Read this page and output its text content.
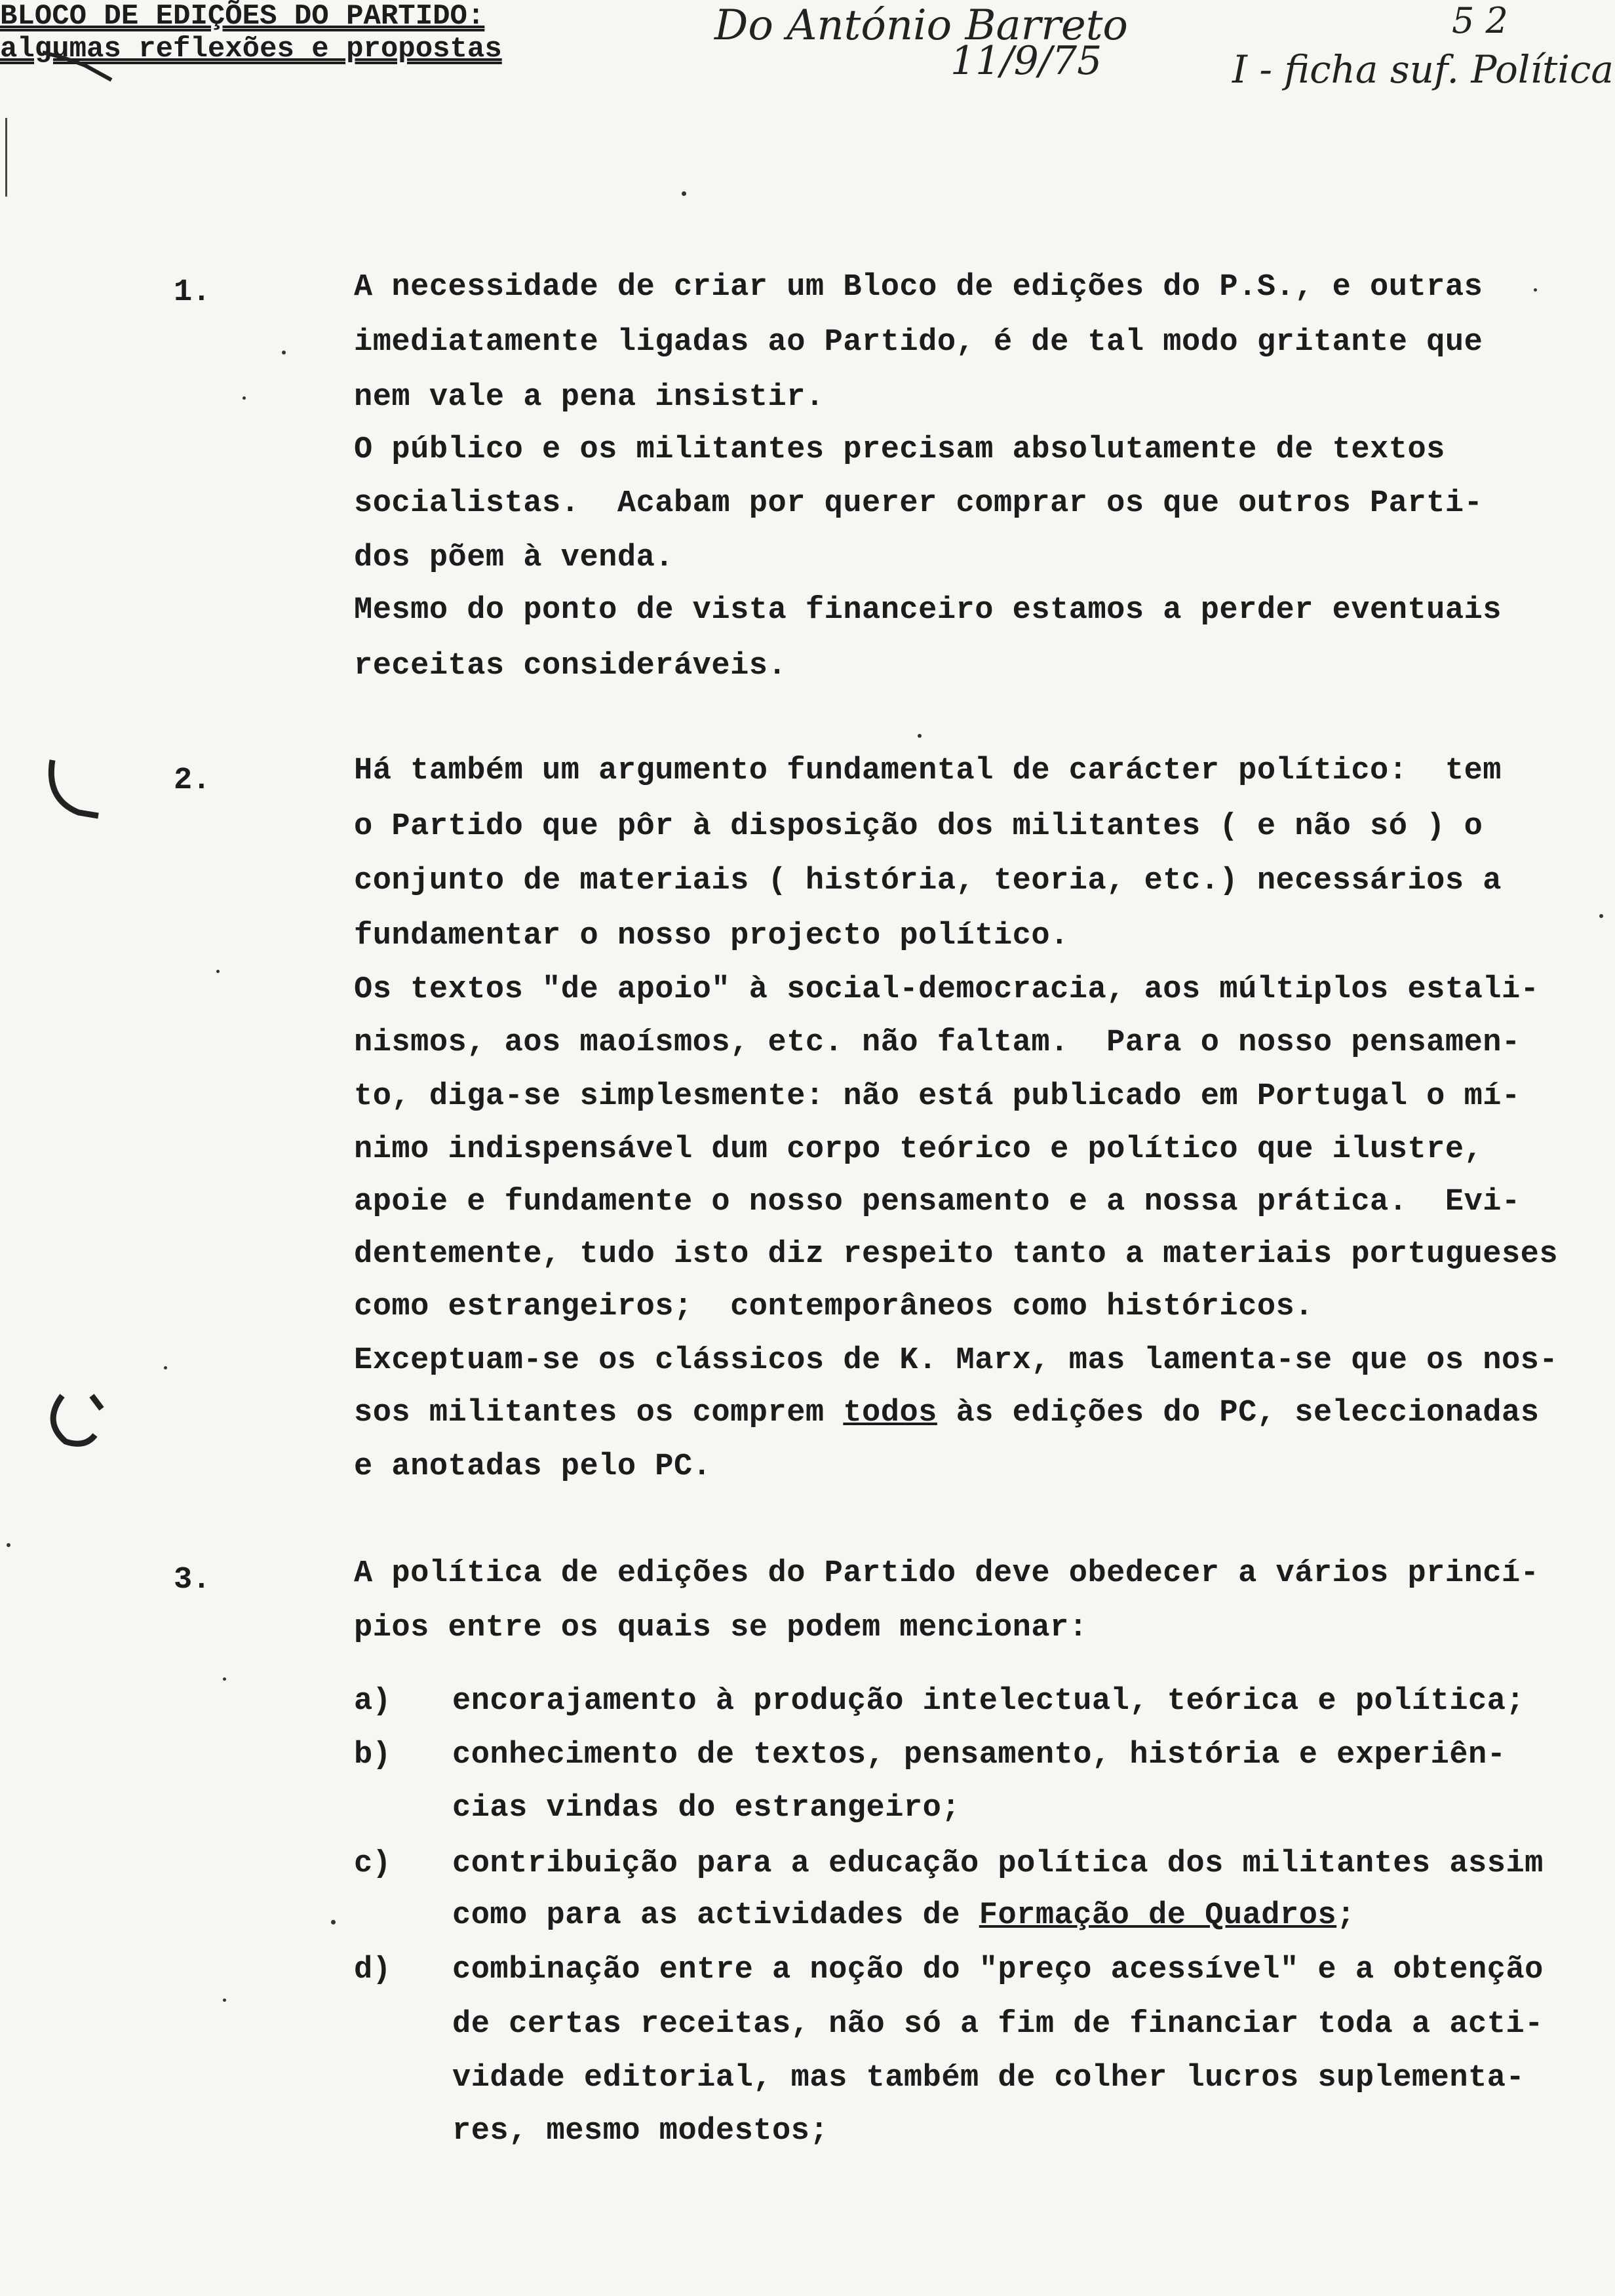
Do António Barreto
11/9/75	I - ficha suf. Política
5 2
BLOCO DE EDIÇÕES DO PARTIDO:
algumas reflexões e propostas
1.	A necessidade de criar um Bloco de edições do P.S., e outras
imediatamente ligadas ao Partido, é de tal modo gritante que
nem vale a pena insistir.
O público e os militantes precisam absolutamente de textos
socialistas.  Acabam por querer comprar os que outros Parti-
dos põem à venda.
Mesmo do ponto de vista financeiro estamos a perder eventuais
receitas consideráveis.
2.	Há também um argumento fundamental de carácter político:  tem
o Partido que pôr à disposição dos militantes ( e não só ) o
conjunto de materiais ( história, teoria, etc.) necessários a
fundamentar o nosso projecto político.
Os textos "de apoio" à social-democracia, aos múltiplos estali-
nismos, aos maoísmos, etc. não faltam.  Para o nosso pensamen-
to, diga-se simplesmente: não está publicado em Portugal o mí-
nimo indispensável dum corpo teórico e político que ilustre,
apoie e fundamente o nosso pensamento e a nossa prática.  Evi-
dentemente, tudo isto diz respeito tanto a materiais portugueses
como estrangeiros;  contemporâneos como históricos.
Exceptuam-se os clássicos de K. Marx, mas lamenta-se que os nos-
sos militantes os comprem todos às edições do PC, seleccionadas
e anotadas pelo PC.
3.	A política de edições do Partido deve obedecer a vários princí-
pios entre os quais se podem mencionar:
a) encorajamento à produção intelectual, teórica e política;
b) conhecimento de textos, pensamento, história e experiên-
cias vindas do estrangeiro;
c) contribuição para a educação política dos militantes assim
como para as actividades de Formação de Quadros;
d) combinação entre a noção do "preço acessível" e a obtenção
de certas receitas, não só a fim de financiar toda a acti-
vidade editorial, mas também de colher lucros suplementa-
res, mesmo modestos;
